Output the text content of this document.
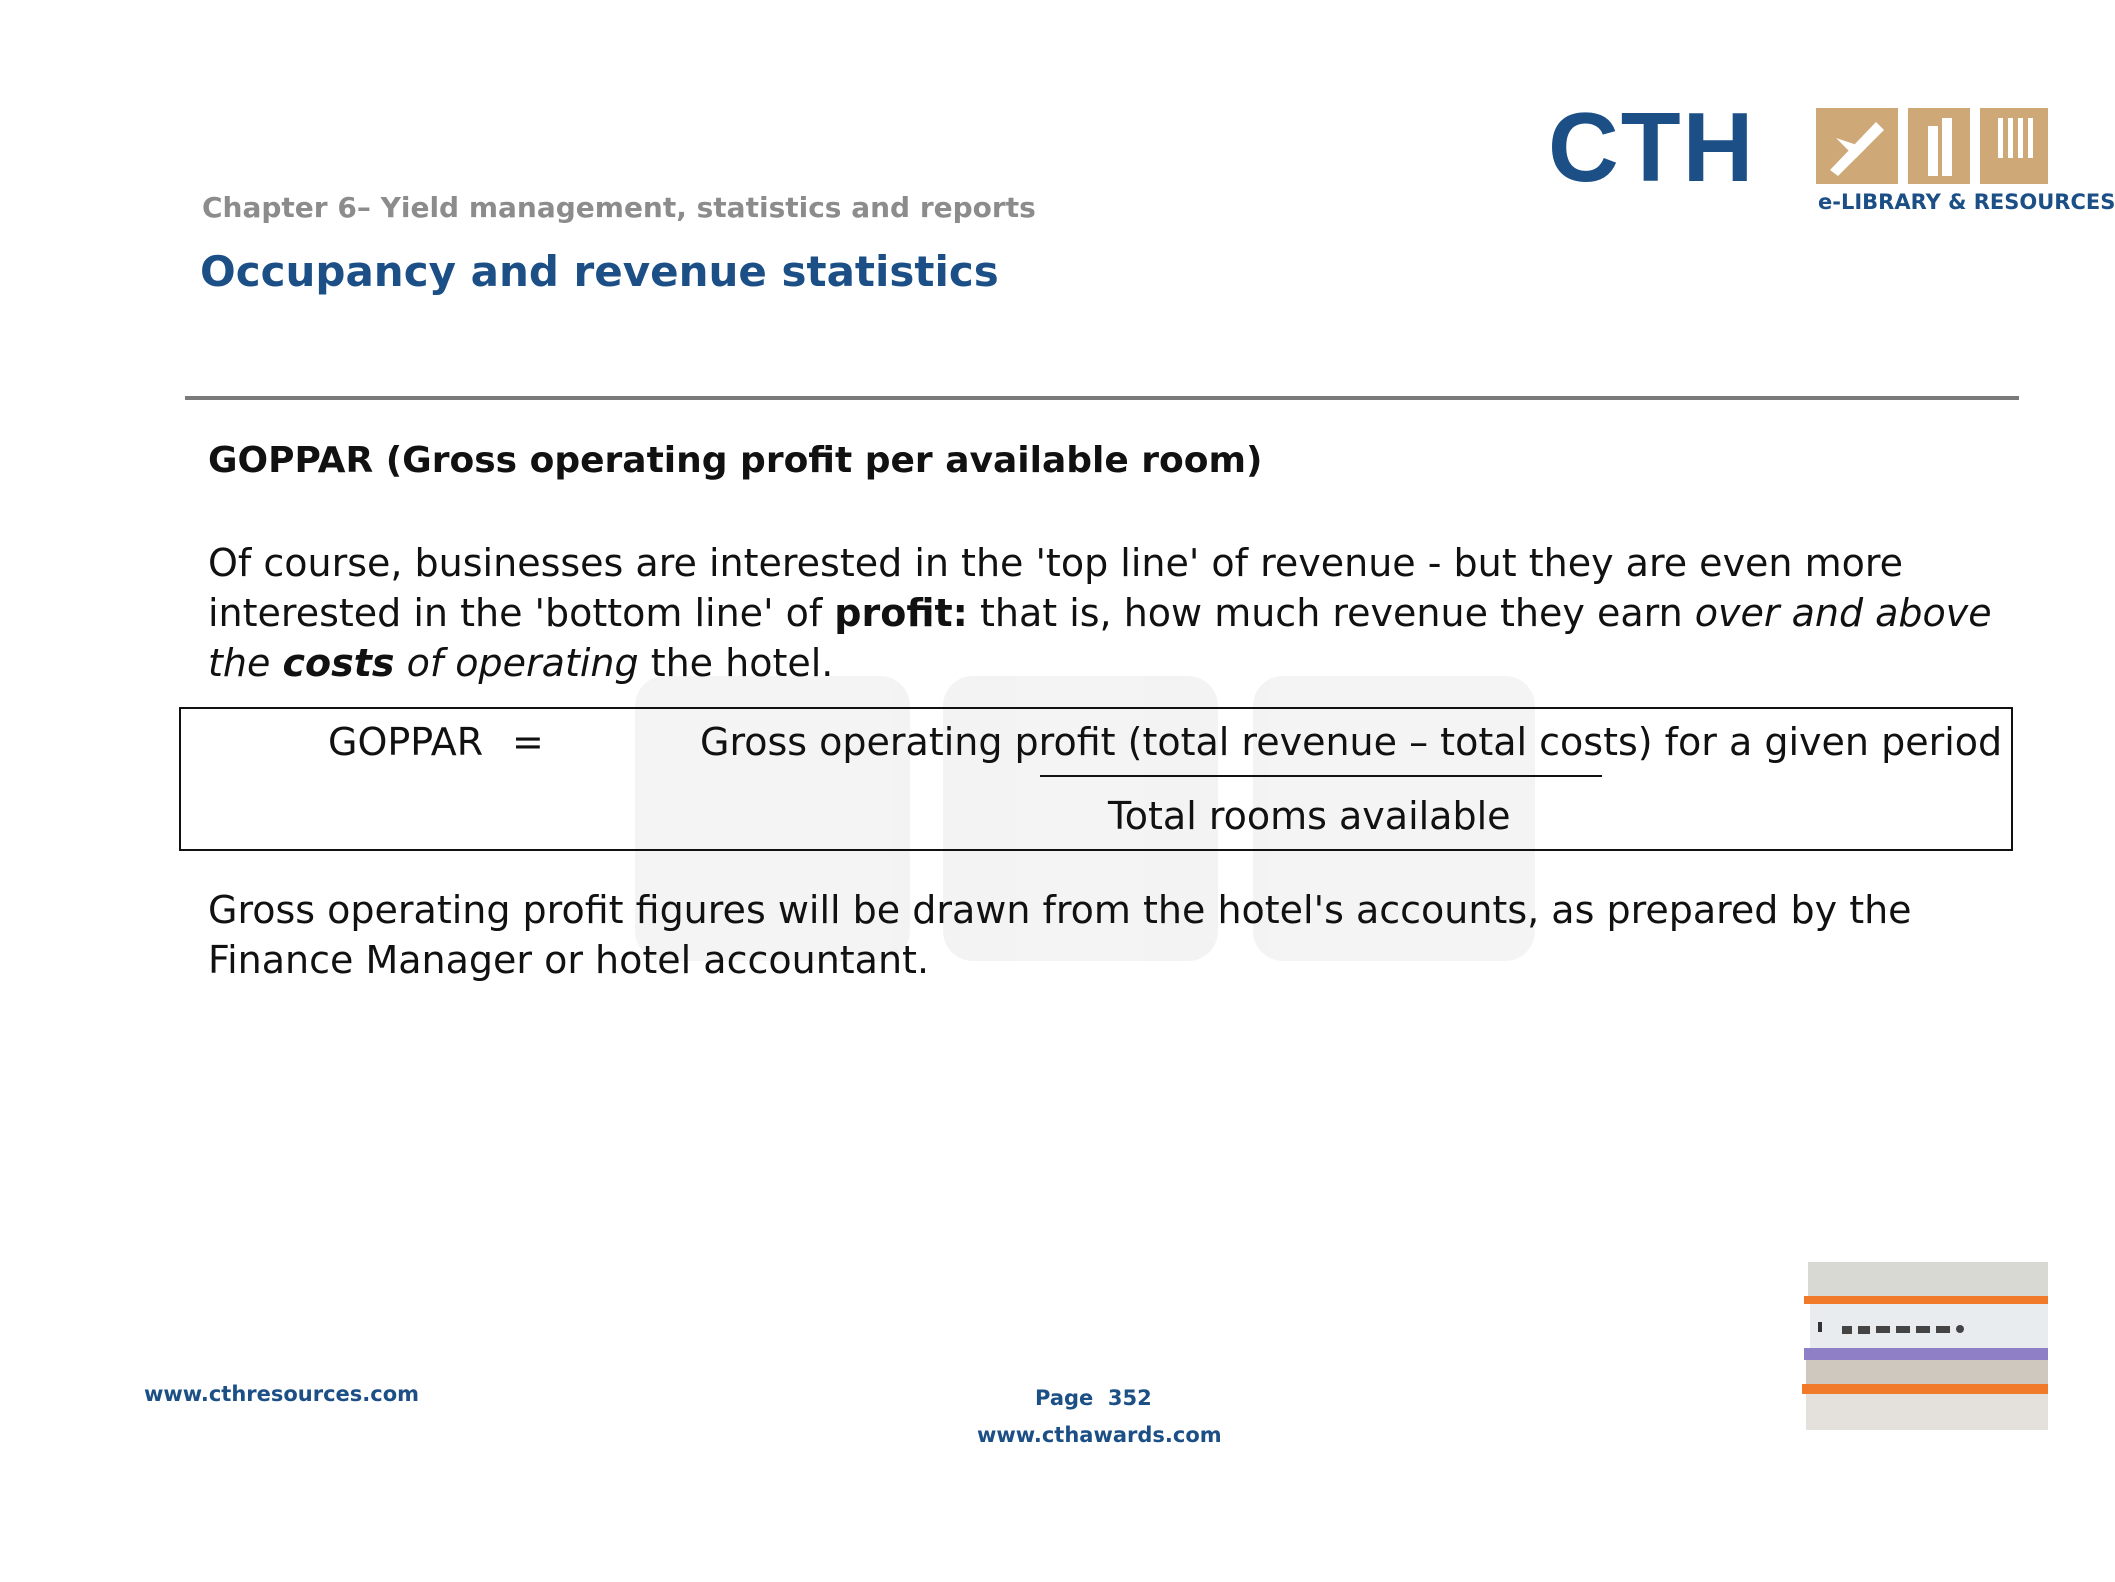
Chapter 6– Yield management, statistics and reports
Occupancy and revenue statistics
CTH	e-LIBRARY & RESOURCES
GOPPAR (Gross operating profit per available room)
Of course, businesses are interested in the 'top line' of revenue - but they are even more interested in the 'bottom line' of profit: that is, how much revenue they earn over and above the costs of operating the hotel.
GOPPAR =	Gross operating profit (total revenue – total costs) for a given period
Total rooms available
Gross operating profit figures will be drawn from the hotel's accounts, as prepared by the Finance Manager or hotel accountant.
www.cthresources.com	Page 352
www.cthawards.com
